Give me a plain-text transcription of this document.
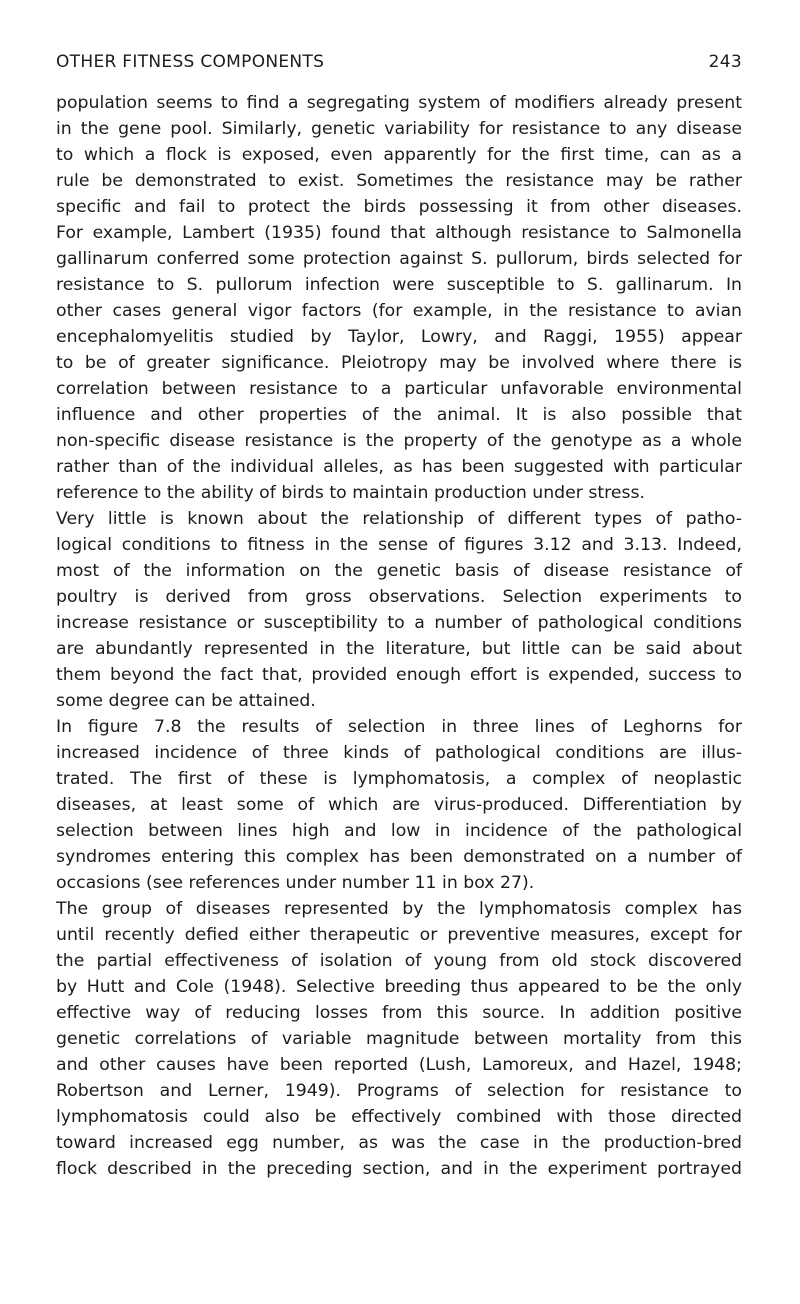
OTHER FITNESS COMPONENTS	243
population seems to find a segregating system of modifiers already present
in the gene pool. Similarly, genetic variability for resistance to any disease
to which a flock is exposed, even apparently for the first time, can as a
rule be demonstrated to exist. Sometimes the resistance may be rather
specific and fail to protect the birds possessing it from other diseases.
For example, Lambert (1935) found that although resistance to Salmonella
gallinarum conferred some protection against S. pullorum, birds selected for
resistance to S. pullorum infection were susceptible to S. gallinarum. In
other cases general vigor factors (for example, in the resistance to avian
encephalomyelitis studied by Taylor, Lowry, and Raggi, 1955) appear
to be of greater significance. Pleiotropy may be involved where there is
correlation between resistance to a particular unfavorable environmental
influence and other properties of the animal. It is also possible that
non-specific disease resistance is the property of the genotype as a whole
rather than of the individual alleles, as has been suggested with particular
reference to the ability of birds to maintain production under stress.
Very little is known about the relationship of different types of patho-
logical conditions to fitness in the sense of figures 3.12 and 3.13. Indeed,
most of the information on the genetic basis of disease resistance of
poultry is derived from gross observations. Selection experiments to
increase resistance or susceptibility to a number of pathological conditions
are abundantly represented in the literature, but little can be said about
them beyond the fact that, provided enough effort is expended, success to
some degree can be attained.
In figure 7.8 the results of selection in three lines of Leghorns for
increased incidence of three kinds of pathological conditions are illus-
trated. The first of these is lymphomatosis, a complex of neoplastic
diseases, at least some of which are virus-produced. Differentiation by
selection between lines high and low in incidence of the pathological
syndromes entering this complex has been demonstrated on a number of
occasions (see references under number 11 in box 27).
The group of diseases represented by the lymphomatosis complex has
until recently defied either therapeutic or preventive measures, except for
the partial effectiveness of isolation of young from old stock discovered
by Hutt and Cole (1948). Selective breeding thus appeared to be the only
effective way of reducing losses from this source. In addition positive
genetic correlations of variable magnitude between mortality from this
and other causes have been reported (Lush, Lamoreux, and Hazel, 1948;
Robertson and Lerner, 1949). Programs of selection for resistance to
lymphomatosis could also be effectively combined with those directed
toward increased egg number, as was the case in the production-bred
flock described in the preceding section, and in the experiment portrayed
